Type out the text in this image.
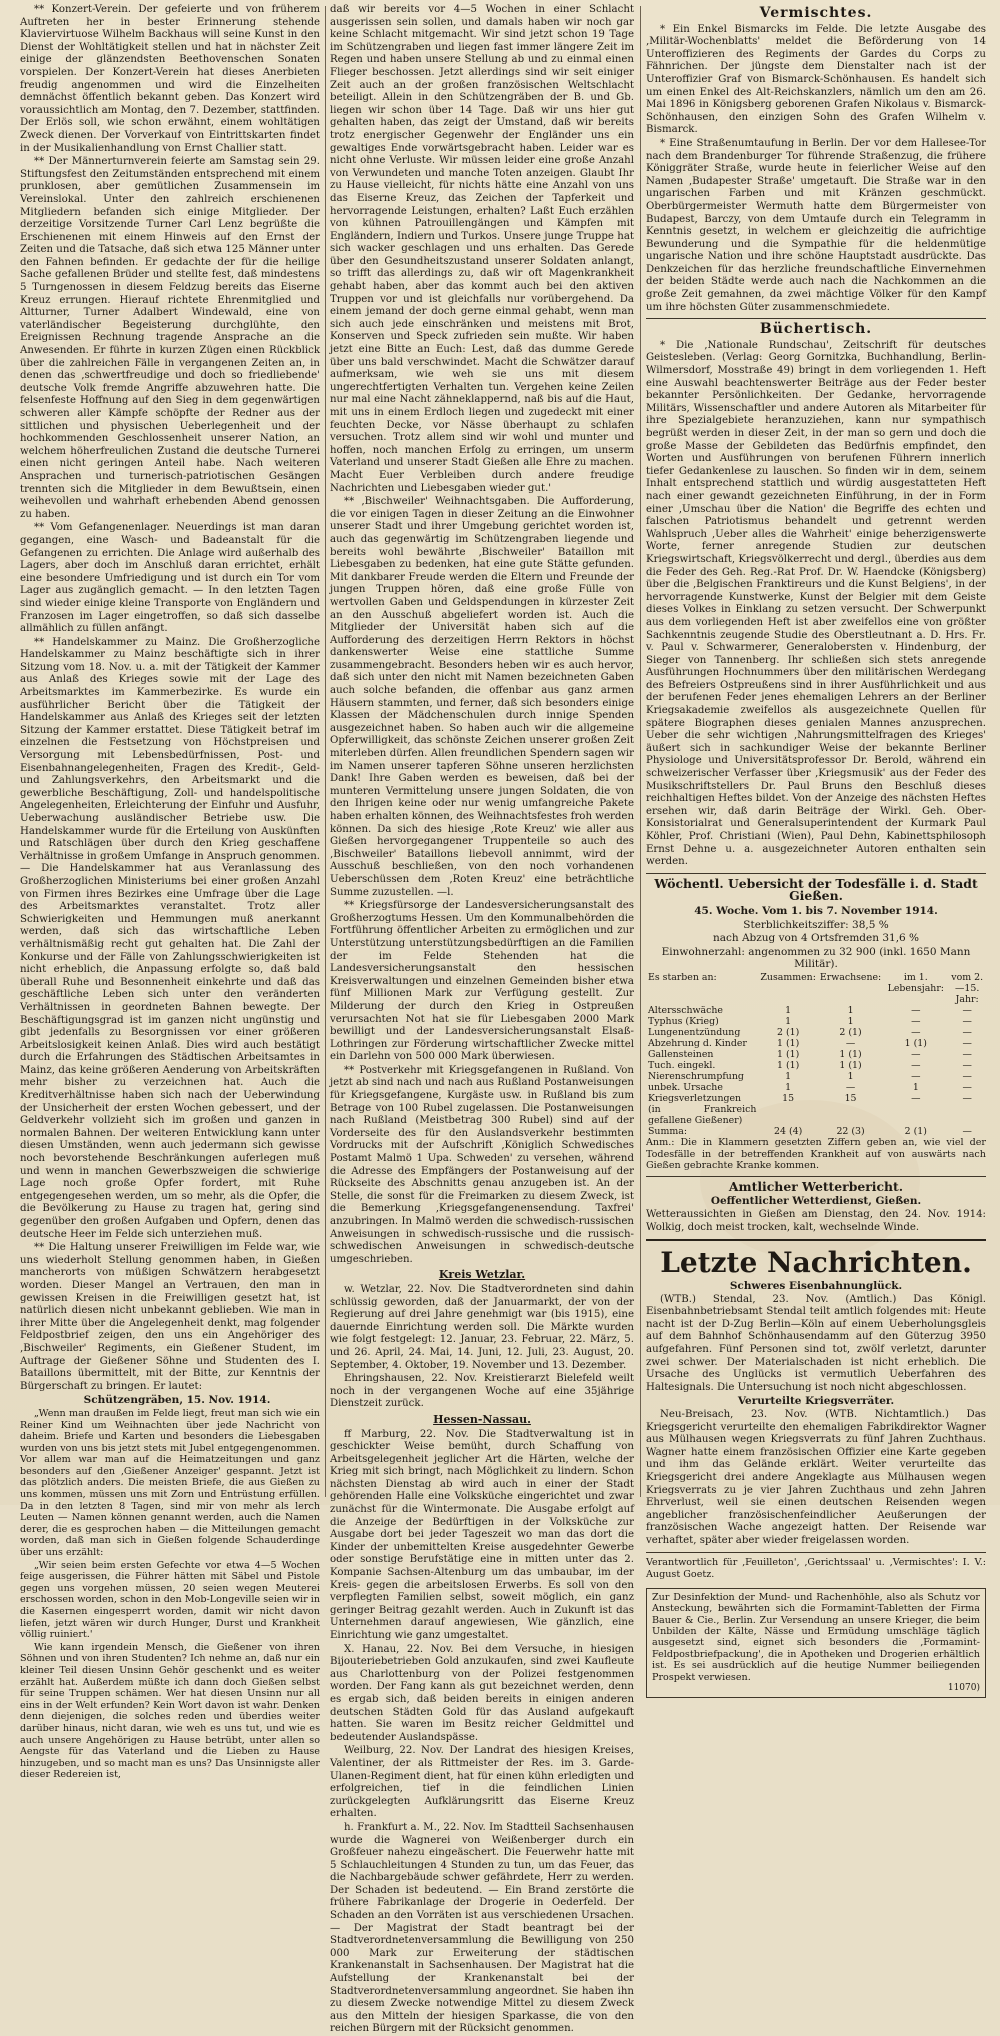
** Konzert-Verein. Der gefeierte und von früherem Auftreten her in bester Erinnerung stehende Klaviervirtuose Wilhelm Backhaus will seine Kunst in den Dienst der Wohltätigkeit stellen und hat in nächster Zeit einige der glänzendsten Beethovenschen Sonaten vorspielen. Der Konzert-Verein hat dieses Anerbieten freudig angenommen und wird die Einzelheiten demnächst öffentlich bekannt geben. Das Konzert wird voraussichtlich am Montag, den 7. Dezember, stattfinden. Der Erlös soll, wie schon erwähnt, einem wohltätigen Zweck dienen. Der Vorverkauf von Eintrittskarten findet in der Musikalienhandlung von Ernst Challier statt.

** Der Männerturnverein feierte am Samstag sein 29. Stiftungsfest den Zeitumständen entsprechend mit einem prunklosen, aber gemütlichen Zusammensein im Vereinslokal. Unter den zahlreich erschienenen Mitgliedern befanden sich einige Mitglieder. Der derzeitige Vorsitzende Turner Carl Lenz begrüßte die Erschienenen mit einem Hinweis auf den Ernst der Zeiten und die Tatsache, daß sich etwa 125 Männer unter den Fahnen befinden. Er gedachte der für die heilige Sache gefallenen Brüder und stellte fest, daß mindestens 5 Turngenossen in diesem Feldzug bereits das Eiserne Kreuz errungen. Hierauf richtete Ehrenmitglied und Altturner, Turner Adalbert Windewald, eine von vaterländischer Begeisterung durchglühte, den Ereignissen Rechnung tragende Ansprache an die Anwesenden. Er führte in kurzen Zügen einen Rückblick über die zahlreichen Fälle in vergangenen Zeiten an, in denen das ‚schwertfreudige und doch so friedliebende' deutsche Volk fremde Angriffe abzuwehren hatte. Die felsenfeste Hoffnung auf den Sieg in dem gegenwärtigen schweren aller Kämpfe schöpfte der Redner aus der sittlichen und physischen Ueberlegenheit und der hochkommenden Geschlossenheit unserer Nation, an welchem höherfreulichen Zustand die deutsche Turnerei einen nicht geringen Anteil habe. Nach weiteren Ansprachen und turnerisch-patriotischen Gesängen trennten sich die Mitglieder in dem Bewußtsein, einen weihevollen und wahrhaft erhebenden Abend genossen zu haben.

** Vom Gefangenenlager. Neuerdings ist man daran gegangen, eine Wasch- und Badeanstalt für die Gefangenen zu errichten. Die Anlage wird außerhalb des Lagers, aber doch im Anschluß daran errichtet, erhält eine besondere Umfriedigung und ist durch ein Tor vom Lager aus zugänglich gemacht. — In den letzten Tagen sind wieder einige kleine Transporte von Engländern und Franzosen im Lager eingetroffen, so daß sich dasselbe allmählich zu füllen anfängt.

** Handelskammer zu Mainz. Die Großherzogliche Handelskammer zu Mainz beschäftigte sich in ihrer Sitzung vom 18. Nov. u. a. mit der Tätigkeit der Kammer aus Anlaß des Krieges sowie mit der Lage des Arbeitsmarktes im Kammerbezirke. Es wurde ein ausführlicher Bericht über die Tätigkeit der Handelskammer aus Anlaß des Krieges seit der letzten Sitzung der Kammer erstattet. Diese Tätigkeit betraf im einzelnen die Festsetzung von Höchstpreisen und Versorgung mit Lebensbedürfnissen, Post- und Eisenbahnangelegenheiten, Fragen des Kredit-, Geld- und Zahlungsverkehrs, den Arbeitsmarkt und die gewerbliche Beschäftigung, Zoll- und handelspolitische Angelegenheiten, Erleichterung der Einfuhr und Ausfuhr, Ueberwachung ausländischer Betriebe usw. Die Handelskammer wurde für die Erteilung von Auskünften und Ratschlägen über durch den Krieg geschaffene Verhältnisse in großem Umfange in Anspruch genommen. — Die Handelskammer hat aus Veranlassung des Großherzoglichen Ministeriums bei einer großen Anzahl von Firmen ihres Bezirkes eine Umfrage über die Lage des Arbeitsmarktes veranstaltet. Trotz aller Schwierigkeiten und Hemmungen muß anerkannt werden, daß sich das wirtschaftliche Leben verhältnismäßig recht gut gehalten hat. Die Zahl der Konkurse und der Fälle von Zahlungsschwierigkeiten ist nicht erheblich, die Anpassung erfolgte so, daß bald überall Ruhe und Besonnenheit einkehrte und daß das geschäftliche Leben sich unter den veränderten Verhältnissen in geordneten Bahnen bewegte. Der Beschäftigungsgrad ist im ganzen nicht ungünstig und gibt jedenfalls zu Besorgnissen vor einer größeren Arbeitslosigkeit keinen Anlaß. Dies wird auch bestätigt durch die Erfahrungen des Städtischen Arbeitsamtes in Mainz, das keine größeren Aenderung von Arbeitskräften mehr bisher zu verzeichnen hat. Auch die Kreditverhältnisse haben sich nach der Ueberwindung der Unsicherheit der ersten Wochen gebessert, und der Geldverkehr vollzieht sich im großen und ganzen in normalen Bahnen. Der weiteren Entwicklung kann unter diesen Umständen, wenn auch jedermann sich gewisse noch bevorstehende Beschränkungen auferlegen muß und wenn in manchen Gewerbszweigen die schwierige Lage noch große Opfer fordert, mit Ruhe entgegengesehen werden, um so mehr, als die Opfer, die die Bevölkerung zu Hause zu tragen hat, gering sind gegenüber den großen Aufgaben und Opfern, denen das deutsche Heer im Felde sich unterziehen muß.

** Die Haltung unserer Freiwilligen im Felde war, wie uns wiederholt Stellung genommen haben, in Gießen mancherorts von müßigen Schwätzern herabgesetzt worden. Dieser Mangel an Vertrauen, den man in gewissen Kreisen in die Freiwilligen gesetzt hat, ist natürlich diesen nicht unbekannt geblieben. Wie man in ihrer Mitte über die Angelegenheit denkt, mag folgender Feldpostbrief zeigen, den uns ein Angehöriger des ‚Bischweiler' Regiments, ein Gießener Student, im Auftrage der Gießener Söhne und Studenten des I. Bataillons übermittelt, mit der Bitte, zur Kenntnis der Bürgerschaft zu bringen. Er lautet:

Schützengräben, 15. Nov. 1914.

„Wenn man draußen im Felde liegt, freut man sich wie ein Reiner Kind um Weihnachten über jede Nachricht von daheim. Briefe und Karten und besonders die Liebesgaben wurden von uns bis jetzt stets mit Jubel entgegengenommen. Vor allem war man auf die Heimatzeitungen und ganz besonders auf den ‚Gießener Anzeiger' gespannt. Jetzt ist das plötzlich anders. Die meisten Briefe, die aus Gießen zu uns kommen, müssen uns mit Zorn und Entrüstung erfüllen. Da in den letzten 8 Tagen, sind mir von mehr als lerch Leuten — Namen können genannt werden, auch die Namen derer, die es gesprochen haben — die Mitteilungen gemacht worden, daß man sich in Gießen folgende Schauderdinge über uns erzählt:

„Wir seien beim ersten Gefechte vor etwa 4—5 Wochen feige ausgerissen, die Führer hätten mit Säbel und Pistole gegen uns vorgehen müssen, 20 seien wegen Meuterei erschossen worden, schon in den Mob-Longeville seien wir in die Kasernen eingesperrt worden, damit wir nicht davon liefen, jetzt wären wir durch Hunger, Durst und Krankheit völlig ruiniert.'

Wie kann irgendein Mensch, die Gießener von ihren Söhnen und von ihren Studenten? Ich nehme an, daß nur ein kleiner Teil diesen Unsinn Gehör geschenkt und es weiter erzählt hat. Außerdem müßte ich dann doch Gießen selbst für seine Truppen schämen. Wer hat diesen Unsinn nur all eins in der Welt erfunden? Kein Wort davon ist wahr. Denken denn diejenigen, die solches reden und überdies weiter darüber hinaus, nicht daran, wie weh es uns tut, und wie es auch unsere Angehörigen zu Hause betrübt, unter allen so Aengste für das Vaterland und die Lieben zu Hause hinzugeben, und so macht man es uns? Das Unsinnigste aller dieser Redereien ist,

daß wir bereits vor 4—5 Wochen in einer Schlacht ausgerissen sein sollen, und damals haben wir noch gar keine Schlacht mitgemacht. Wir sind jetzt schon 19 Tage im Schützengraben und liegen fast immer längere Zeit im Regen und haben unsere Stellung ab und zu einmal einen Flieger beschossen. Jetzt allerdings sind wir seit einiger Zeit auch an der großen französischen Weltschlacht beteiligt. Allein in den Schützengräben der B. und Gb. liegen wir schon über 14 Tage. Daß wir uns hier gut gehalten haben, das zeigt der Umstand, daß wir bereits trotz energischer Gegenwehr der Engländer uns ein gewaltiges Ende vorwärtsgebracht haben. Leider war es nicht ohne Verluste. Wir müssen leider eine große Anzahl von Verwundeten und manche Toten anzeigen. Glaubt Ihr zu Hause vielleicht, für nichts hätte eine Anzahl von uns das Eiserne Kreuz, das Zeichen der Tapferkeit und hervorragende Leistungen, erhalten? Laßt Euch erzählen von kühnen Patrouillengängen und Kämpfen mit Engländern, Indiern und Turkos. Unsere junge Truppe hat sich wacker geschlagen und uns erhalten. Das Gerede über den Gesundheitszustand unserer Soldaten anlangt, so trifft das allerdings zu, daß wir oft Magenkrankheit gehabt haben, aber das kommt auch bei den aktiven Truppen vor und ist gleichfalls nur vorübergehend. Da einem jemand der doch gerne einmal gehabt, wenn man sich auch jede einschränken und meistens mit Brot, Konserven und Speck zufrieden sein mußte. Wir haben jetzt eine Bitte an Euch: Lest, daß das dumme Gerede über uns bald verschwindet. Macht die Schwätzer darauf aufmerksam, wie weh sie uns mit diesem ungerechtfertigten Verhalten tun. Vergehen keine Zeilen nur mal eine Nacht zähneklappernd, naß bis auf die Haut, mit uns in einem Erdloch liegen und zugedeckt mit einer feuchten Decke, vor Nässe überhaupt zu schlafen versuchen. Trotz allem sind wir wohl und munter und hoffen, noch manchen Erfolg zu erringen, um unserm Vaterland und unserer Stadt Gießen alle Ehre zu machen. Macht Euer Verbleiben durch andere freudige Nachrichten und Liebesgaben wieder gut.'

** ‚Bischweiler' Weihnachtsgaben. Die Aufforderung, die vor einigen Tagen in dieser Zeitung an die Einwohner unserer Stadt und ihrer Umgebung gerichtet worden ist, auch das gegenwärtig im Schützengraben liegende und bereits wohl bewährte ‚Bischweiler' Bataillon mit Liebesgaben zu bedenken, hat eine gute Stätte gefunden. Mit dankbarer Freude werden die Eltern und Freunde der jungen Truppen hören, daß eine große Fülle von wertvollen Gaben und Geldspendungen in kürzester Zeit an den Ausschuß abgeliefert worden ist. Auch die Mitglieder der Universität haben sich auf die Aufforderung des derzeitigen Herrn Rektors in höchst dankenswerter Weise eine stattliche Summe zusammengebracht. Besonders heben wir es auch hervor, daß sich unter den nicht mit Namen bezeichneten Gaben auch solche befanden, die offenbar aus ganz armen Häusern stammten, und ferner, daß sich besonders einige Klassen der Mädchenschulen durch innige Spenden ausgezeichnet haben. So haben auch wir die allgemeine Opferwilligkeit, das schönste Zeichen unserer großen Zeit miterleben dürfen. Allen freundlichen Spendern sagen wir im Namen unserer tapferen Söhne unseren herzlichsten Dank! Ihre Gaben werden es beweisen, daß bei der munteren Vermittelung unsere jungen Soldaten, die von den Ihrigen keine oder nur wenig umfangreiche Pakete haben erhalten können, des Weihnachtsfestes froh werden können. Da sich des hiesige ‚Rote Kreuz' wie aller aus Gießen hervorgegangener Truppenteile so auch des ‚Bischweiler' Bataillons liebevoll annimmt, wird der Ausschuß beschließen, von den noch vorhandenen Ueberschüssen dem ‚Roten Kreuz' eine beträchtliche Summe zuzustellen. —l.

** Kriegsfürsorge der Landesversicherungsanstalt des Großherzogtums Hessen. Um den Kommunalbehörden die Fortführung öffentlicher Arbeiten zu ermöglichen und zur Unterstützung unterstützungsbedürftigen an die Familien der im Felde Stehenden hat die Landesversicherungsanstalt den hessischen Kreisverwaltungen und einzelnen Gemeinden bisher etwa fünf Millionen Mark zur Verfügung gestellt. Zur Milderung der durch den Krieg in Ostpreußen verursachten Not hat sie für Liebesgaben 2000 Mark bewilligt und der Landesversicherungsanstalt Elsaß-Lothringen zur Förderung wirtschaftlicher Zwecke mittel ein Darlehn von 500 000 Mark überwiesen.

** Postverkehr mit Kriegsgefangenen in Rußland. Von jetzt ab sind nach und nach aus Rußland Postanweisungen für Kriegsgefangene, Kurgäste usw. in Rußland bis zum Betrage von 100 Rubel zugelassen. Die Postanweisungen nach Rußland (Meistbetrag 300 Rubel) sind auf der Vorderseite des für den Auslandsverkehr bestimmten Vordrucks mit der Aufschrift ‚Königlich Schwedisches Postamt Malmö 1 Upa. Schweden' zu versehen, während die Adresse des Empfängers der Postanweisung auf der Rückseite des Abschnitts genau anzugeben ist. An der Stelle, die sonst für die Freimarken zu diesem Zweck, ist die Bemerkung ‚Kriegsgefangenensendung. Taxfrei' anzubringen. In Malmö werden die schwedisch-russischen Anweisungen in schwedisch-russische und die russisch-schwedischen Anweisungen in schwedisch-deutsche umgeschrieben.

Kreis Wetzlar.

w. Wetzlar, 22. Nov. Die Stadtverordneten sind dahin schlüssig geworden, daß der Januarmarkt, der von der Regierung auf drei Jahre genehmigt war (bis 1915), eine dauernde Einrichtung werden soll. Die Märkte wurden wie folgt festgelegt: 12. Januar, 23. Februar, 22. März, 5. und 26. April, 24. Mai, 14. Juni, 12. Juli, 23. August, 20. September, 4. Oktober, 19. November und 13. Dezember.

Ehringshausen, 22. Nov. Kreistierarzt Bielefeld weilt noch in der vergangenen Woche auf eine 35jährige Dienstzeit zurück.

Hessen-Nassau.

ff Marburg, 22. Nov. Die Stadtverwaltung ist in geschickter Weise bemüht, durch Schaffung von Arbeitsgelegenheit jeglicher Art die Härten, welche der Krieg mit sich bringt, nach Möglichkeit zu lindern. Schon nächsten Dienstag ab wird auch in einer der Stadt gehörenden Halle eine Volksküche eingerichtet und zwar zunächst für die Wintermonate. Die Ausgabe erfolgt auf die Anzeige der Bedürftigen in der Volksküche zur Ausgabe dort bei jeder Tageszeit wo man das dort die Kinder der unbemittelten Kreise ausgedehnter Gewerbe oder sonstige Berufstätige eine in mitten unter das 2. Kompanie Sachsen-Altenburg um das umbaubar, im der Kreis- gegen die arbeitslosen Erwerbs. Es soll von den verpflegten Familien selbst, soweit möglich, ein ganz geringer Beitrag gezahlt werden. Auch in Zukunft ist das Unternehmen darauf angewiesen, Wie gänzlich, eine Einrichtung wie ganz umgestaltet.

X. Hanau, 22. Nov. Bei dem Versuche, in hiesigen Bijouteriebetrieben Gold anzukaufen, sind zwei Kaufleute aus Charlottenburg von der Polizei festgenommen worden. Der Fang kann als gut bezeichnet werden, denn es ergab sich, daß beiden bereits in einigen anderen deutschen Städten Gold für das Ausland aufgekauft hatten. Sie waren im Besitz reicher Geldmittel und bedeutender Auslandspässe.

Weilburg, 22. Nov. Der Landrat des hiesigen Kreises, Valentiner, der als Rittmeister der Res. im 3. Garde-Ulanen-Regiment dient, hat für einen kühn erledigten und erfolgreichen, tief in die feindlichen Linien zurückgelegten Aufklärungsritt das Eiserne Kreuz erhalten.

h. Frankfurt a. M., 22. Nov. Im Stadtteil Sachsenhausen wurde die Wagnerei von Weißenberger durch ein Großfeuer nahezu eingeäschert. Die Feuerwehr hatte mit 5 Schlauchleitungen 4 Stunden zu tun, um das Feuer, das die Nachbargebäude schwer gefährdete, Herr zu werden. Der Schaden ist bedeutend. — Ein Brand zerstörte die frühere Fabrikanlage der Drogerie in Oederfeld. Der Schaden an den Vorräten ist aus verschiedenen Ursachen. — Der Magistrat der Stadt beantragt bei der Stadtverordnetenversammlung die Bewilligung von 250 000 Mark zur Erweiterung der städtischen Krankenanstalt in Sachsenhausen. Der Magistrat hat die Aufstellung der Krankenanstalt bei der Stadtverordnetenversammlung angeordnet. Sie haben ihn zu diesem Zwecke notwendige Mittel zu diesem Zweck aus den Mitteln der hiesigen Sparkasse, die von den reichen Bürgern mit der Rücksicht genommen.

Vermischtes.

* Ein Enkel Bismarcks im Felde. Die letzte Ausgabe des ‚Militär-Wochenblatts' meldet die Beförderung von 14 Unteroffizieren des Regiments der Gardes du Corps zu Fähnrichen. Der jüngste dem Dienstalter nach ist der Unteroffizier Graf von Bismarck-Schönhausen. Es handelt sich um einen Enkel des Alt-Reichskanzlers, nämlich um den am 26. Mai 1896 in Königsberg geborenen Grafen Nikolaus v. Bismarck-Schönhausen, den einzigen Sohn des Grafen Wilhelm v. Bismarck.

* Eine Straßenumtaufung in Berlin. Der vor dem Hallesee-Tor nach dem Brandenburger Tor führende Straßenzug, die frühere Königgräter Straße, wurde heute in feierlicher Weise auf den Namen ‚Budapester Straße' umgetauft. Die Straße war in den ungarischen Farben und mit Kränzen geschmückt. Oberbürgermeister Wermuth hatte dem Bürgermeister von Budapest, Barczy, von dem Umtaufe durch ein Telegramm in Kenntnis gesetzt, in welchem er gleichzeitig die aufrichtige Bewunderung und die Sympathie für die heldenmütige ungarische Nation und ihre schöne Hauptstadt ausdrückte. Das Denkzeichen für das herzliche freundschaftliche Einvernehmen der beiden Städte werde auch nach die Nachkommen an die große Zeit gemahnen, da zwei mächtige Völker für den Kampf um ihre höchsten Güter zusammenschmiedete.

Büchertisch.

* Die ‚Nationale Rundschau', Zeitschrift für deutsches Geistesleben. (Verlag: Georg Gornitzka, Buchhandlung, Berlin-Wilmersdorf, Mosstraße 49) bringt in dem vorliegenden 1. Heft eine Auswahl beachtenswerter Beiträge aus der Feder bester bekannter Persönlichkeiten. Der Gedanke, hervorragende Militärs, Wissenschaftler und andere Autoren als Mitarbeiter für ihre Spezialgebiete heranzuziehen, kann nur sympathisch begrüßt werden in dieser Zeit, in der man so gern und doch die große Masse der Gebildeten das Bedürfnis empfindet, den Worten und Ausführungen von berufenen Führern innerlich tiefer Gedankenlese zu lauschen. So finden wir in dem, seinem Inhalt entsprechend stattlich und würdig ausgestatteten Heft nach einer gewandt gezeichneten Einführung, in der in Form einer ‚Umschau über die Nation' die Begriffe des echten und falschen Patriotismus behandelt und getrennt werden Wahlspruch ‚Ueber alles die Wahrheit' einige beherzigenswerte Worte, ferner anregende Studien zur deutschen Kriegswirtschaft, Kriegsvölkerrecht und dergl., überdies aus dem die Feder des Geh. Reg.-Rat Prof. Dr. W. Haendcke (Königsberg) über die ‚Belgischen Franktireurs und die Kunst Belgiens', in der hervorragende Kunstwerke, Kunst der Belgier mit dem Geiste dieses Volkes in Einklang zu setzen versucht. Der Schwerpunkt aus dem vorliegenden Heft ist aber zweifellos eine von größter Sachkenntnis zeugende Studie des Oberstleutnant a. D. Hrs. Fr. v. Paul v. Schwarmerer, Generalobersten v. Hindenburg, der Sieger von Tannenberg. Ihr schließen sich stets anregende Ausführungen Hochnummers über den militärischen Werdegang des Befreiers Ostpreußens sind in ihrer Ausführlichkeit und aus der berufenen Feder jenes ehemaligen Lehrers an der Berliner Kriegsakademie zweifellos als ausgezeichnete Quellen für spätere Biographen dieses genialen Mannes anzusprechen. Ueber die sehr wichtigen ‚Nahrungsmittelfragen des Krieges' äußert sich in sachkundiger Weise der bekannte Berliner Physiologe und Universitätsprofessor Dr. Berold, während ein schweizerischer Verfasser über ‚Kriegsmusik' aus der Feder des Musikschriftstellers Dr. Paul Bruns den Beschluß dieses reichhaltigen Heftes bildet. Von der Anzeige des nächsten Heftes ersehen wir, daß darin Beiträge der Wirkl. Geh. Ober-Konsistorialrat und Generalsuperintendent der Kurmark Paul Köhler, Prof. Christiani (Wien), Paul Dehn, Kabinettsphilosoph Ernst Dehne u. a. ausgezeichneter Autoren enthalten sein werden.

Wöchentl. Uebersicht der Todesfälle i. d. Stadt Gießen.
45. Woche. Vom 1. bis 7. November 1914.
Sterblichkeitsziffer: 38,5 %
nach Abzug von 4 Ortsfremden 31,6 %
Einwohnerzahl: angenommen zu 32 900 (inkl. 1650 Mann Militär).
Es starben an:	Zusammen:	Erwachsene:	im 1. Lebensjahr:	vom 2.—15. Jahr:
Altersschwäche	1	1	—	—
Typhus (Krieg)	1	1	—	—
Lungenentzündung	2 (1)	2 (1)	—	—
Abzehrung d. Kinder	1 (1)	—	1 (1)	—
Gallensteinen	1 (1)	1 (1)	—	—
Tuch. eingekl.	1 (1)	1 (1)	—	—
Nierenschrumpfung	1	1	—	—
unbek. Ursache	1	—	1	—
Kriegsverletzungen	15	15	—	—
(in Frankreich gefallene Gießener)				
Summa:	24 (4)	22 (3)	2 (1)	—

Anm.: Die in Klammern gesetzten Ziffern geben an, wie viel der Todesfälle in der betreffenden Krankheit auf von auswärts nach Gießen gebrachte Kranke kommen.

Amtlicher Wetterbericht.
Oeffentlicher Wetterdienst, Gießen.

Wetteraussichten in Gießen am Dienstag, den 24. Nov. 1914: Wolkig, doch meist trocken, kalt, wechselnde Winde.

Letzte Nachrichten.
Schweres Eisenbahnunglück.

(WTB.) Stendal, 23. Nov. (Amtlich.) Das Königl. Eisenbahnbetriebsamt Stendal teilt amtlich folgendes mit: Heute nacht ist der D-Zug Berlin—Köln auf einem Ueberholungsgleis auf dem Bahnhof Schönhausendamm auf den Güterzug 3950 aufgefahren. Fünf Personen sind tot, zwölf verletzt, darunter zwei schwer. Der Materialschaden ist nicht erheblich. Die Ursache des Unglücks ist vermutlich Ueberfahren des Haltesignals. Die Untersuchung ist noch nicht abgeschlossen.

Verurteilte Kriegsverräter.

Neu-Breisach, 23. Nov. (WTB. Nichtamtlich.) Das Kriegsgericht verurteilte den ehemaligen Fabrikdirektor Wagner aus Mülhausen wegen Kriegsverrats zu fünf Jahren Zuchthaus. Wagner hatte einem französischen Offizier eine Karte gegeben und ihm das Gelände erklärt. Weiter verurteilte das Kriegsgericht drei andere Angeklagte aus Mülhausen wegen Kriegsverrats zu je vier Jahren Zuchthaus und zehn Jahren Ehrverlust, weil sie einen deutschen Reisenden wegen angeblicher französischenfeindlicher Aeußerungen der französischen Wache angezeigt hatten. Der Reisende war verhaftet, später aber wieder freigelassen worden.

Verantwortlich für ‚Feuilleton', ‚Gerichtssaal' u. ‚Vermischtes': I. V.: August Goetz.

Zur Desinfektion der Mund- und Rachenhöhle, also als Schutz vor Ansteckung, bewährten sich die Formamint-Tabletten der Firma Bauer & Cie., Berlin. Zur Versendung an unsere Krieger, die beim Unbilden der Kälte, Nässe und Ermüdung umschläge täglich ausgesetzt sind, eignet sich besonders die ‚Formamint-Feldpostbriefpackung', die in Apotheken und Drogerien erhältlich ist. Es sei ausdrücklich auf die heutige Nummer beiliegenden Prospekt verwiesen.
11070)
